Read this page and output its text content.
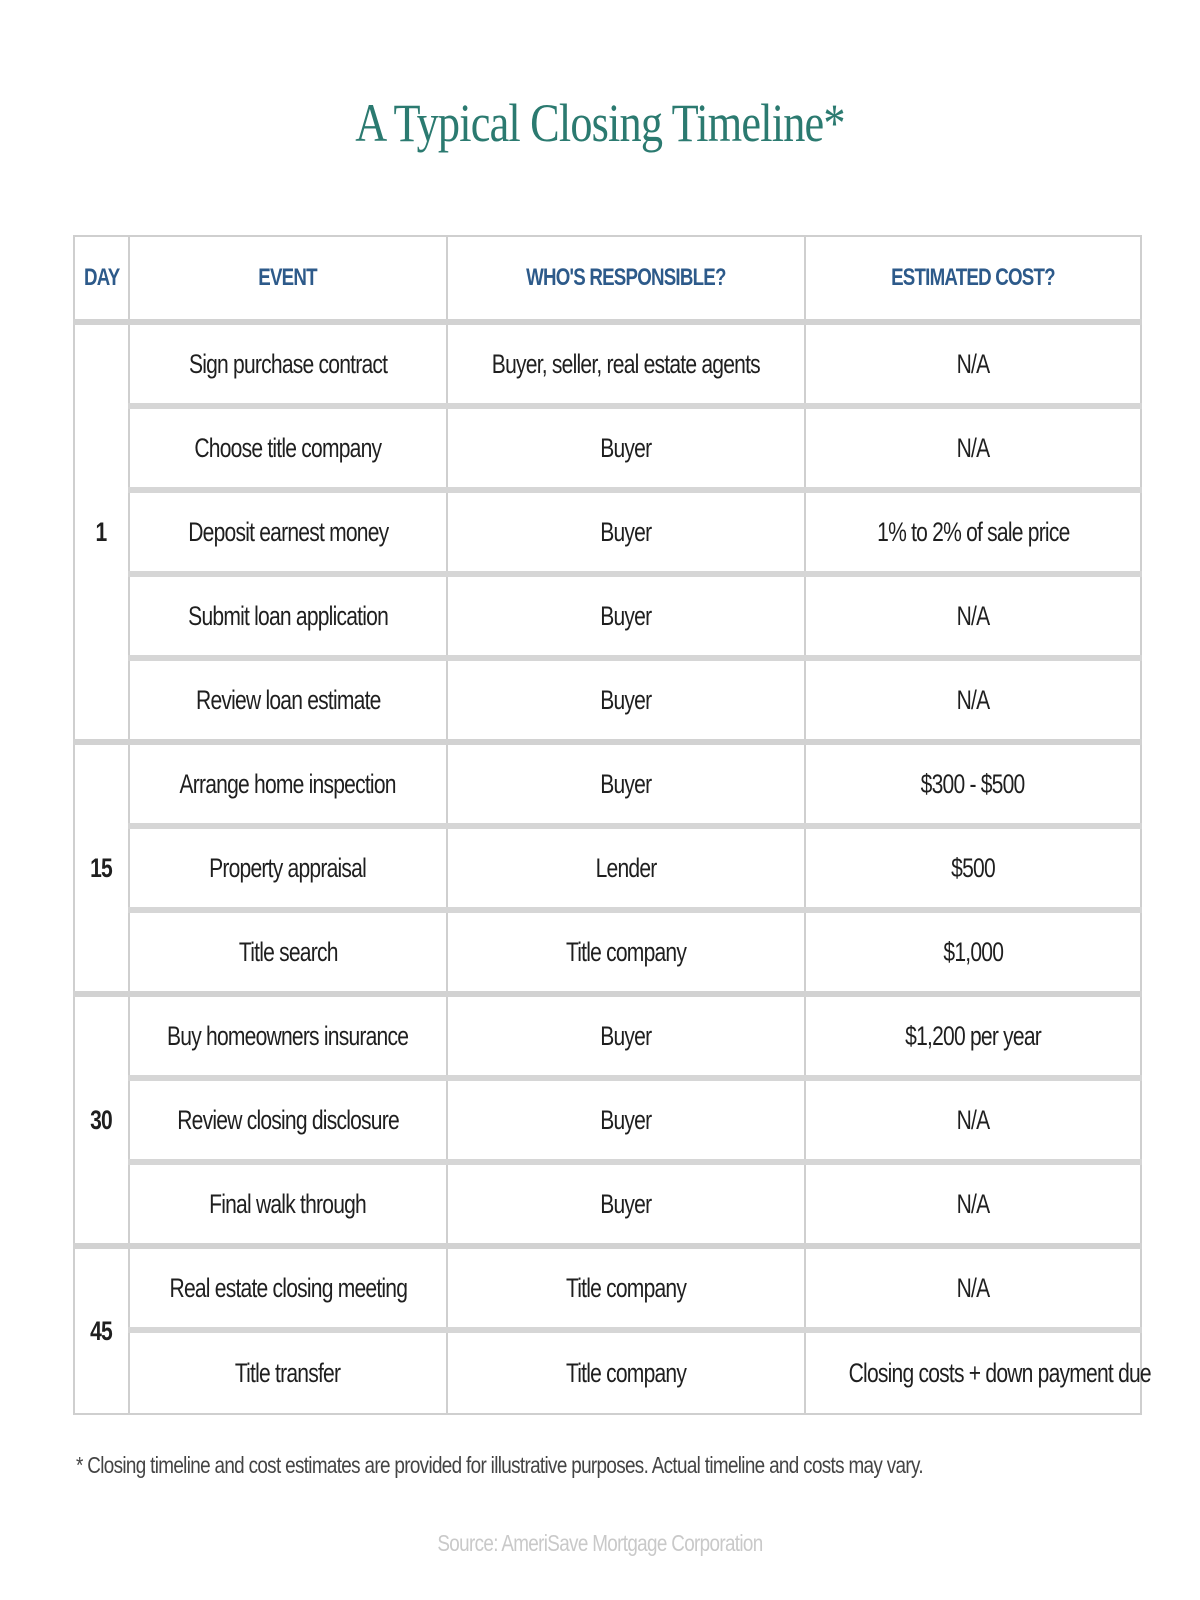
A Typical Closing Timeline*
DAY	EVENT	WHO'S RESPONSIBLE?	ESTIMATED COST?
1	Sign purchase contract	Buyer, seller, real estate agents	N/A
	Choose title company	Buyer	N/A
	Deposit earnest money	Buyer	1% to 2% of sale price
	Submit loan application	Buyer	N/A
	Review loan estimate	Buyer	N/A
15	Arrange home inspection	Buyer	$300 - $500
	Property appraisal	Lender	$500
	Title search	Title company	$1,000
30	Buy homeowners insurance	Buyer	$1,200 per year
	Review closing disclosure	Buyer	N/A
	Final walk through	Buyer	N/A
45	Real estate closing meeting	Title company	N/A
	Title transfer	Title company	Closing costs + down payment due
* Closing timeline and cost estimates are provided for illustrative purposes. Actual timeline and costs may vary.
Source: AmeriSave Mortgage Corporation
